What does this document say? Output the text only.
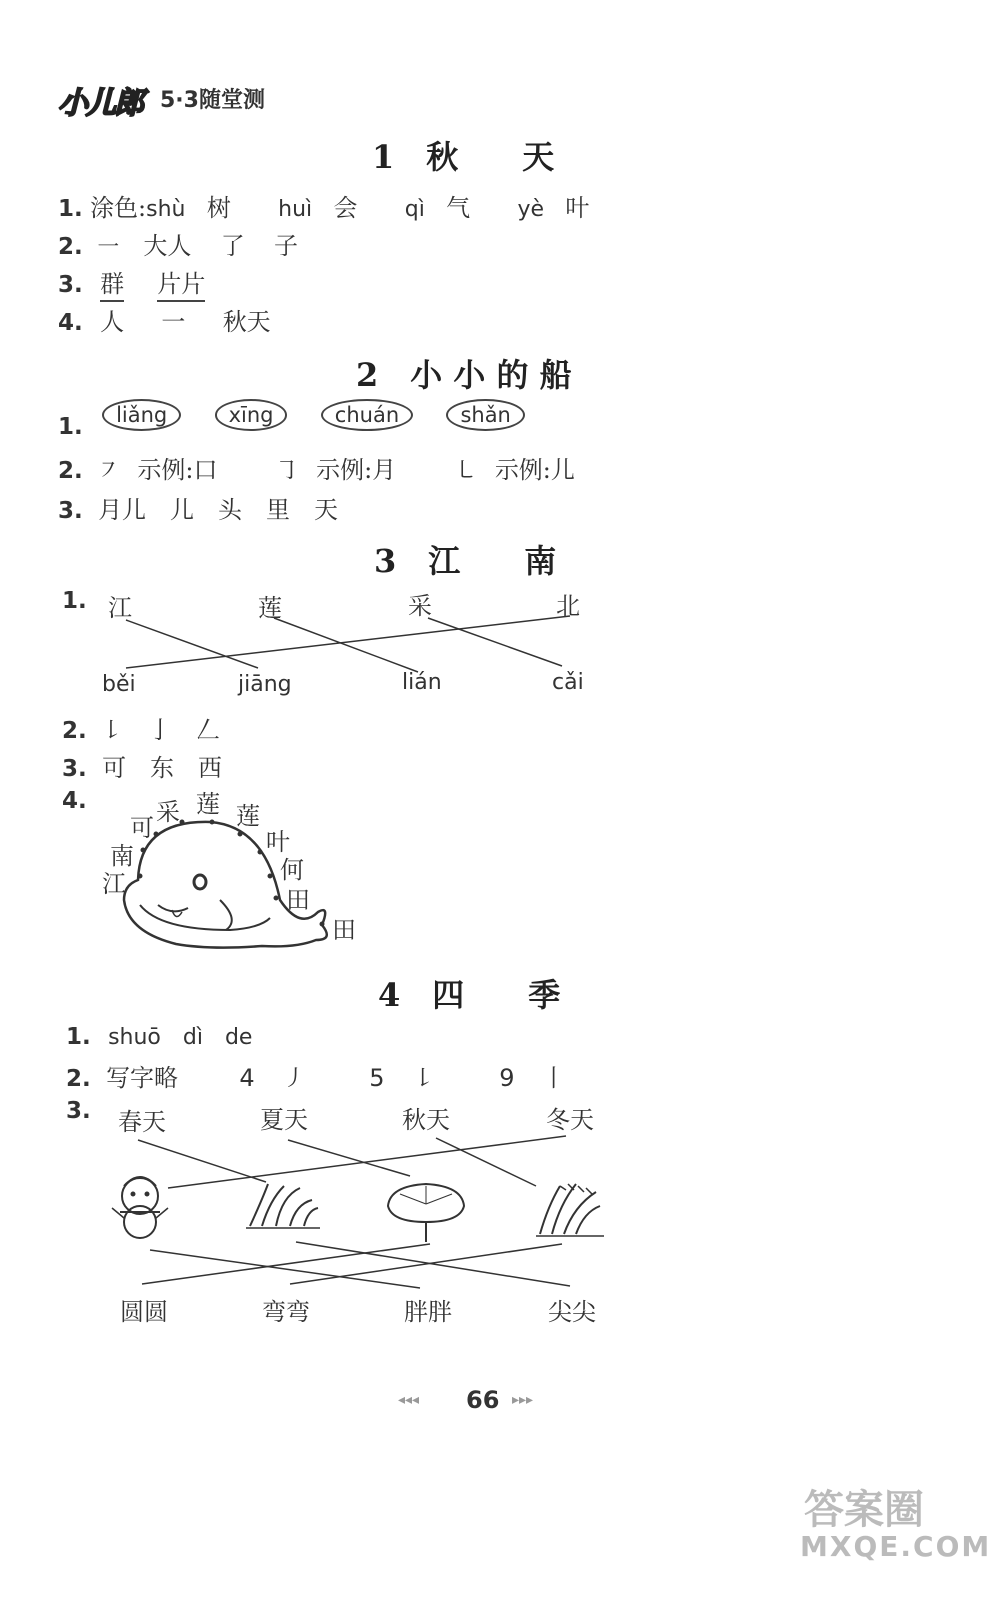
小儿郎 5·3随堂测
1　秋　　天
1. 涂色:shù 树 huì 会 qì 气 yè 叶
2. ㇐ 大人 了 子
3. 群 片片
4. 人 一 秋天
2　小 小 的 船
1. liǎng	xīng	chuán	shǎn
2. ㇇ 示例:口 ㇆ 示例:月 ㇄ 示例:儿
3. 月儿　儿　头　里　天
3　江　　南
1. 江	莲	采	北
běi	jiāng	lián	cǎi
2. ㇙　亅　𠃋
3. 可　东　西
4.
南
江
可
采 莲 莲
叶
何
田
田
4　四　　季
1. shuō　dì　de
2. 写字略	4 ㇓	5 ㇙	9 丨
3. 春天	夏天	秋天	冬天
圆圆	弯弯	胖胖	尖尖
◂◂◂ 66 ▸▸▸
答案圈
MXQE.COM
